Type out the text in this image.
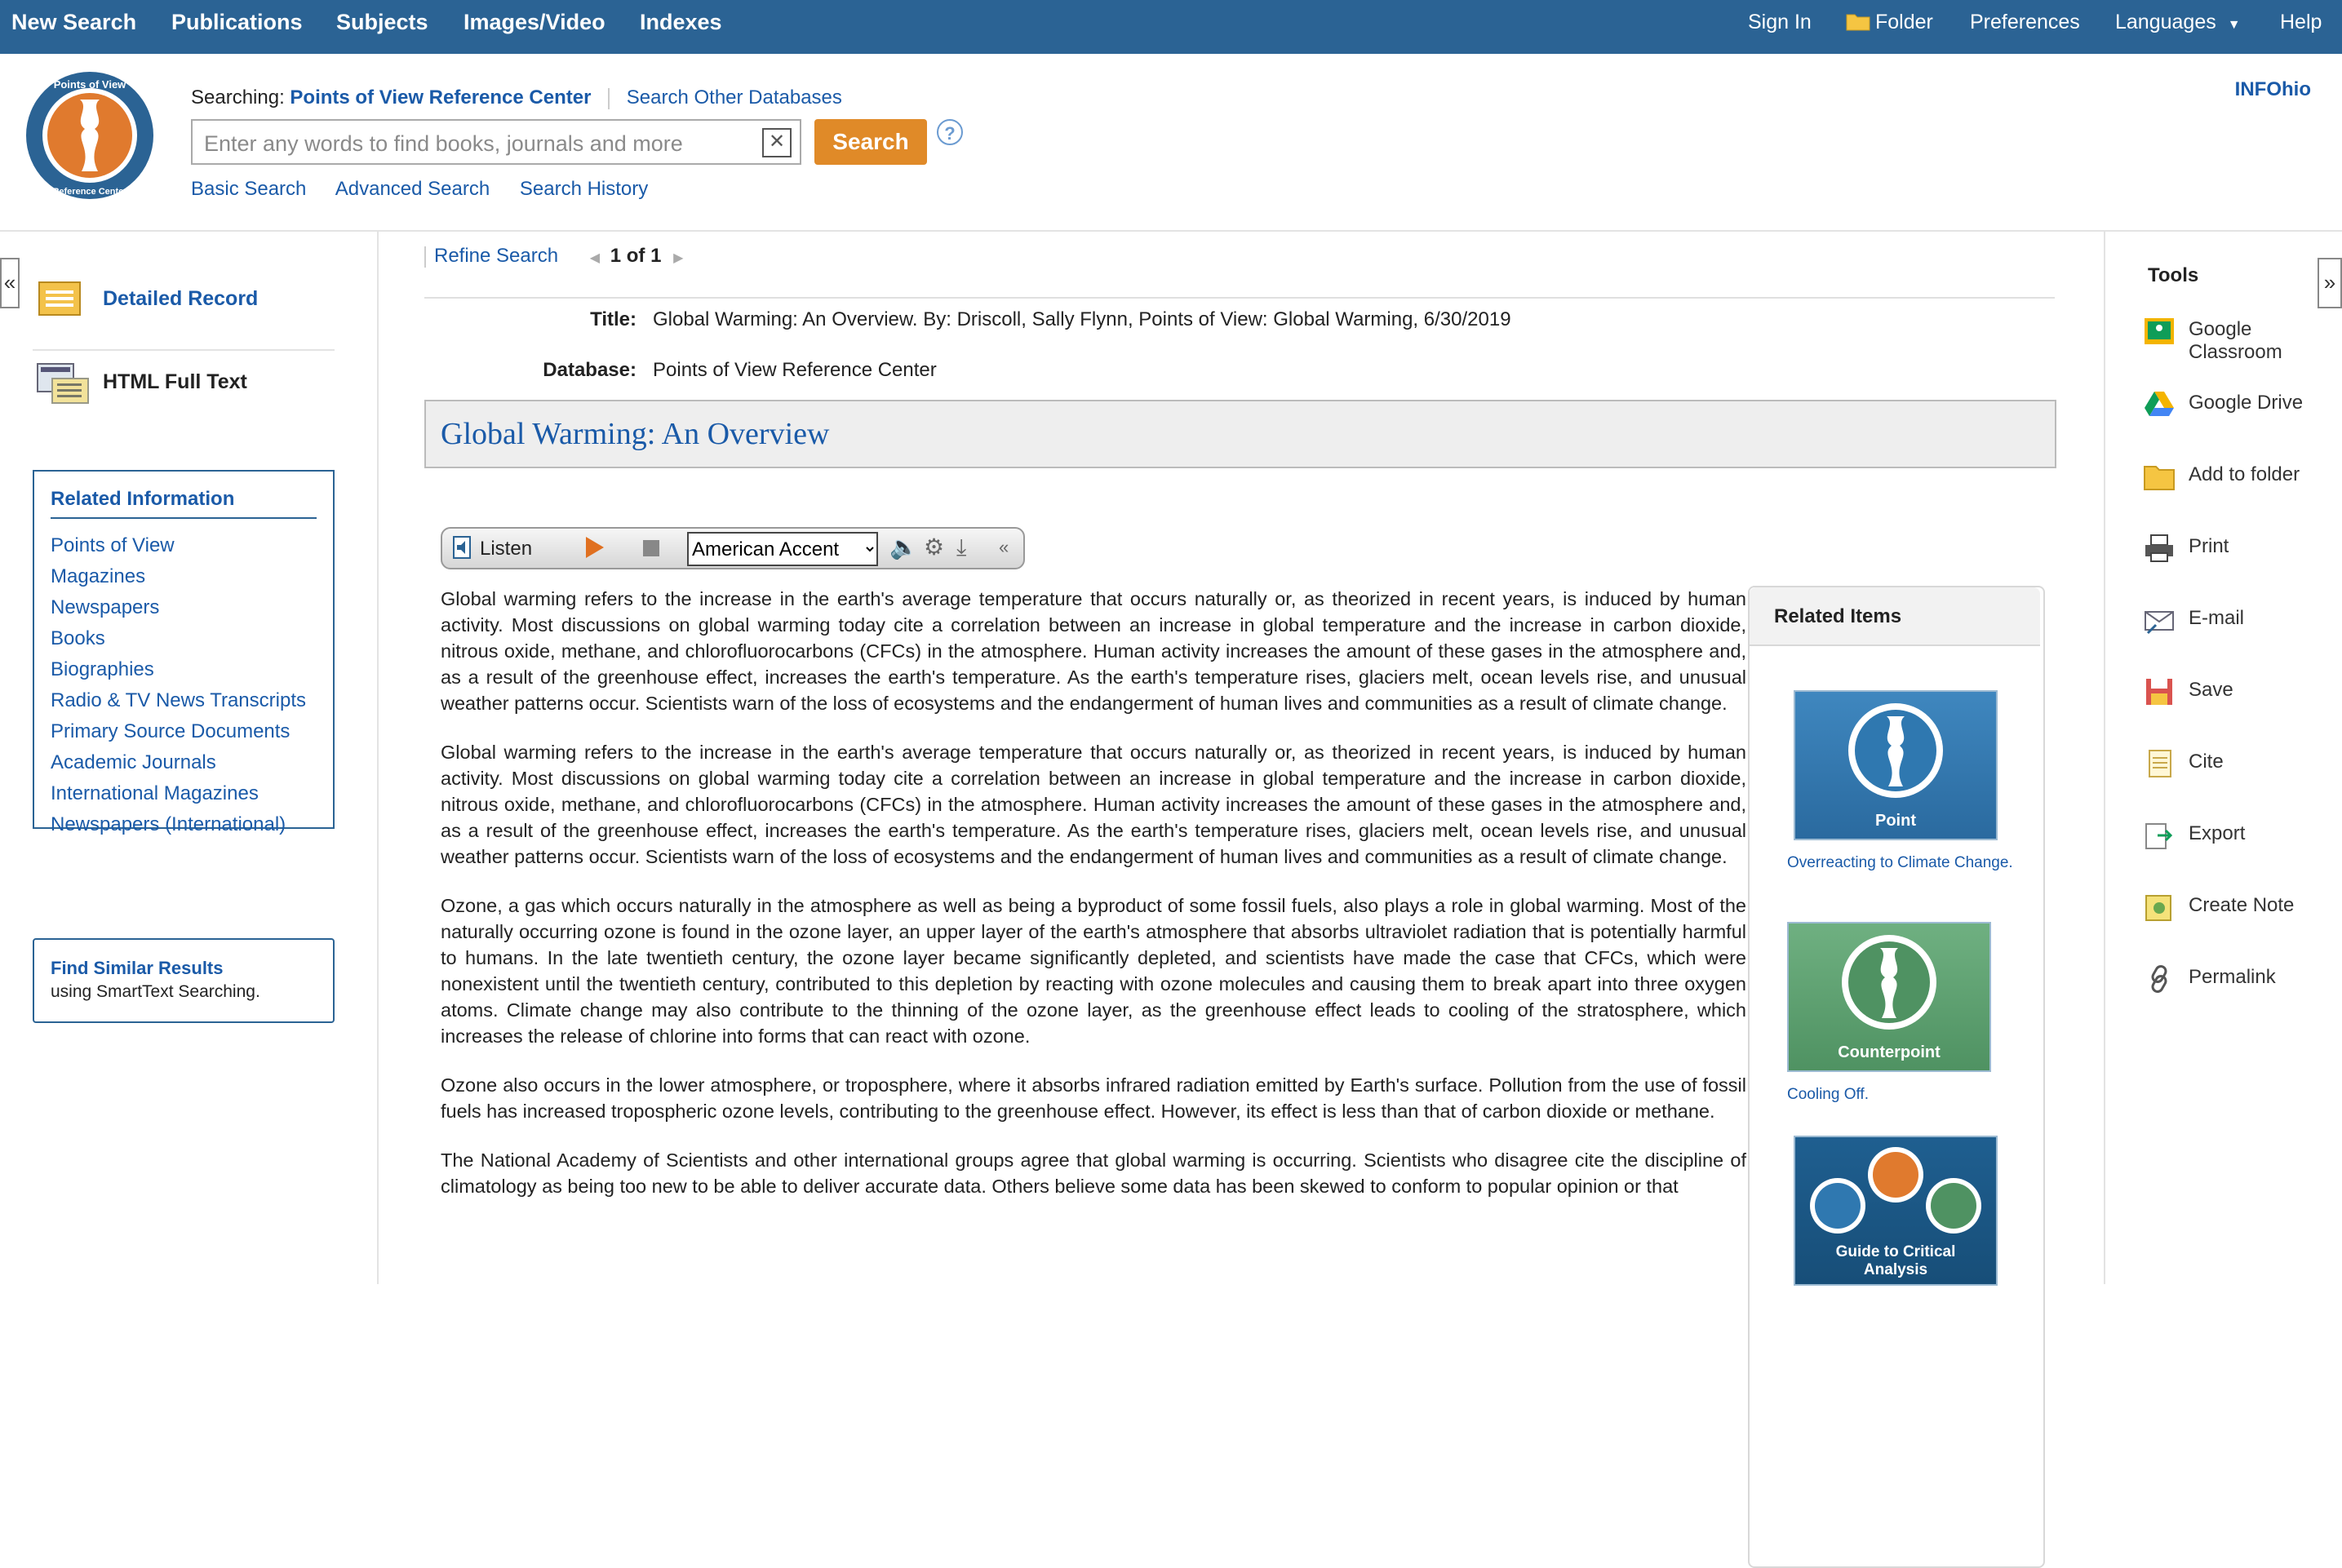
New Search Publications Subjects Images/Video Indexes	Sign In	Folder Preferences Languages ▼ Help
Points of View
Reference Center
Searching: Points of View Reference Center Search Other Databases
Enter any words to find books, journals and more
✕	Search	?
Basic Search Advanced Search Search History
INFOhio
«
Detailed Record
HTML Full Text
Related Information
Points of View
Magazines
Newspapers
Books
Biographies
Radio & TV News Transcripts
Primary Source Documents
Academic Journals
International Magazines
Newspapers (International)
Find Similar Results
using SmartText Searching.
Refine Search ◀ 1 of 1 ▶
Title: Global Warming: An Overview. By: Driscoll, Sally Flynn, Points of View: Global Warming, 6/30/2019
Database: Points of View Reference Center
Global Warming: An Overview
Listen
American Accent	🔈 ⚙ ⤓ «

Global warming refers to the increase in the earth's average temperature that occurs naturally or, as theorized in recent years, is induced by human activity. Most discussions on global warming today cite a correlation between an increase in global temperature and the increase in carbon dioxide, nitrous oxide, methane, and chlorofluorocarbons (CFCs) in the atmosphere. Human activity increases the amount of these gases in the atmosphere and, as a result of the greenhouse effect, increases the earth's temperature. As the earth's temperature rises, glaciers melt, ocean levels rise, and unusual weather patterns occur. Scientists warn of the loss of ecosystems and the endangerment of human lives and communities as a result of climate change.

Global warming refers to the increase in the earth's average temperature that occurs naturally or, as theorized in recent years, is induced by human activity. Most discussions on global warming today cite a correlation between an increase in global temperature and the increase in carbon dioxide, nitrous oxide, methane, and chlorofluorocarbons (CFCs) in the atmosphere. Human activity increases the amount of these gases in the atmosphere and, as a result of the greenhouse effect, increases the earth's temperature. As the earth's temperature rises, glaciers melt, ocean levels rise, and unusual weather patterns occur. Scientists warn of the loss of ecosystems and the endangerment of human lives and communities as a result of climate change.

Ozone, a gas which occurs naturally in the atmosphere as well as being a byproduct of some fossil fuels, also plays a role in global warming. Most of the naturally occurring ozone is found in the ozone layer, an upper layer of the earth's atmosphere that absorbs ultraviolet radiation that is potentially harmful to humans. In the late twentieth century, the ozone layer became significantly depleted, and scientists have made the case that CFCs, which were nonexistent until the twentieth century, contributed to this depletion by reacting with ozone molecules and causing them to break apart into three oxygen atoms. Climate change may also contribute to the thinning of the ozone layer, as the greenhouse effect leads to cooling of the stratosphere, which increases the release of chlorine into forms that can react with ozone.

Ozone also occurs in the lower atmosphere, or troposphere, where it absorbs infrared radiation emitted by Earth's surface. Pollution from the use of fossil fuels has increased tropospheric ozone levels, contributing to the greenhouse effect. However, its effect is less than that of carbon dioxide or methane.

The National Academy of Scientists and other international groups agree that global warming is occurring. Scientists who disagree cite the discipline of climatology as being too new to be able to deliver accurate data. Others believe some data has been skewed to conform to popular opinion or that

Related Items
Point
Overreacting to Climate Change.
Counterpoint
Cooling Off.
Guide to Critical Analysis
»
Tools
Google Classroom
Google Drive
Add to folder
Print
E-mail
Save
Cite
Export
Create Note
Permalink
